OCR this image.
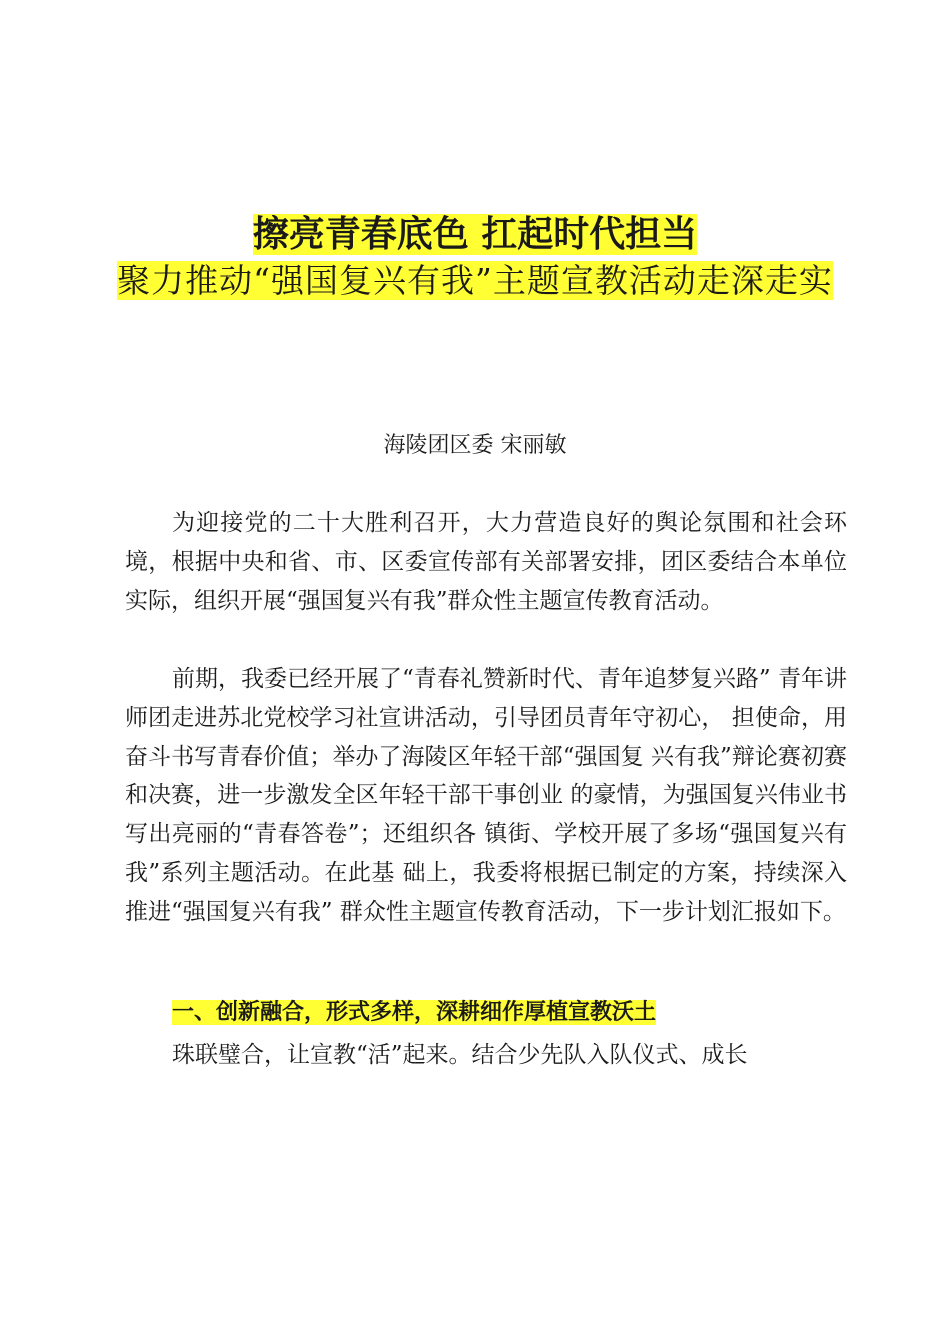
擦亮青春底色 扛起时代担当
聚力推动“强国复兴有我”主题宣教活动走深走实
海陵团区委 宋丽敏
为迎接党的二十大胜利召开，大力营造良好的舆论氛围和社会环境，根据中央和省、市、区委宣传部有关部署安排，团区委结合本单位实际，组织开展“强国复兴有我”群众性主题宣传教育活动。
前期，我委已经开展了“青春礼赞新时代、青年追梦复兴路” 青年讲师团走进苏北党校学习社宣讲活动，引导团员青年守初心， 担使命，用奋斗书写青春价值；举办了海陵区年轻干部“强国复 兴有我”辩论赛初赛和决赛，进一步激发全区年轻干部干事创业 的豪情，为强国复兴伟业书写出亮丽的“青春答卷”；还组织各 镇街、学校开展了多场“强国复兴有我”系列主题活动。在此基 础上，我委将根据已制定的方案，持续深入推进“强国复兴有我” 群众性主题宣传教育活动，下一步计划汇报如下。
一、创新融合，形式多样，深耕细作厚植宣教沃土
珠联璧合，让宣教“活”起来。结合少先队入队仪式、成长
